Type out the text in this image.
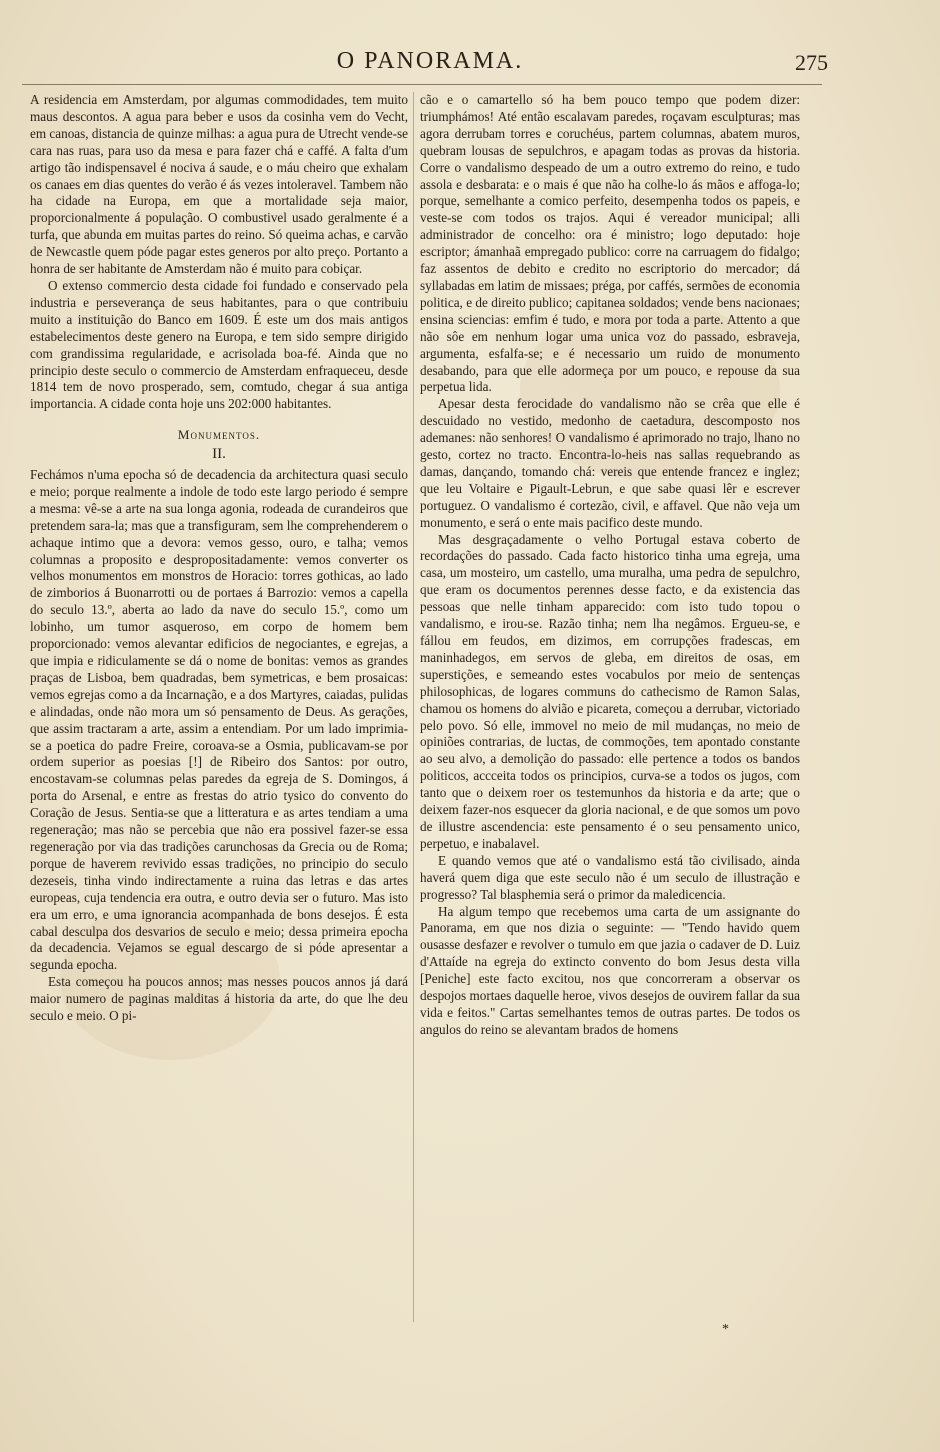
O PANORAMA.	275

A residencia em Amsterdam, por algumas commodidades, tem muito maus descontos. A agua para beber e usos da cosinha vem do Vecht, em canoas, distancia de quinze milhas: a agua pura de Utrecht vende-se cara nas ruas, para uso da mesa e para fazer chá e caffé. A falta d'um artigo tão indispensavel é nociva á saude, e o máu cheiro que exhalam os canaes em dias quentes do verão é ás vezes intoleravel. Tambem não ha cidade na Europa, em que a mortalidade seja maior, proporcionalmente á população. O combustivel usado geralmente é a turfa, que abunda em muitas partes do reino. Só queima achas, e carvão de Newcastle quem póde pagar estes generos por alto preço. Portanto a honra de ser habitante de Amsterdam não é muito para cobiçar.

O extenso commercio desta cidade foi fundado e conservado pela industria e perseverança de seus habitantes, para o que contribuiu muito a instituição do Banco em 1609. É este um dos mais antigos estabelecimentos deste genero na Europa, e tem sido sempre dirigido com grandissima regularidade, e acrisolada boa-fé. Ainda que no principio deste seculo o commercio de Amsterdam enfraqueceu, desde 1814 tem de novo prosperado, sem, comtudo, chegar á sua antiga importancia. A cidade conta hoje uns 202:000 habitantes.

Monumentos.
II.

Fechámos n'uma epocha só de decadencia da architectura quasi seculo e meio; porque realmente a indole de todo este largo periodo é sempre a mesma: vê-se a arte na sua longa agonia, rodeada de curandeiros que pretendem sara-la; mas que a transfiguram, sem lhe comprehenderem o achaque intimo que a devora: vemos gesso, ouro, e talha; vemos columnas a proposito e despropositadamente: vemos converter os velhos monumentos em monstros de Horacio: torres gothicas, ao lado de zimborios á Buonarrotti ou de portaes á Barrozio: vemos a capella do seculo 13.º, aberta ao lado da nave do seculo 15.º, como um lobinho, um tumor asqueroso, em corpo de homem bem proporcionado: vemos alevantar edificios de negociantes, e egrejas, a que impia e ridiculamente se dá o nome de bonitas: vemos as grandes praças de Lisboa, bem quadradas, bem symetricas, e bem prosaicas: vemos egrejas como a da Incarnação, e a dos Martyres, caiadas, pulidas e alindadas, onde não mora um só pensamento de Deus. As gerações, que assim tractaram a arte, assim a entendiam. Por um lado imprimia-se a poetica do padre Freire, coroava-se a Osmia, publicavam-se por ordem superior as poesias [!] de Ribeiro dos Santos: por outro, encostavam-se columnas pelas paredes da egreja de S. Domingos, á porta do Arsenal, e entre as frestas do atrio tysico do convento do Coração de Jesus. Sentia-se que a litteratura e as artes tendiam a uma regeneração; mas não se percebia que não era possivel fazer-se essa regeneração por via das tradições carunchosas da Grecia ou de Roma; porque de haverem revivido essas tradições, no principio do seculo dezeseis, tinha vindo indirectamente a ruina das letras e das artes europeas, cuja tendencia era outra, e outro devia ser o futuro. Mas isto era um erro, e uma ignorancia acompanhada de bons desejos. É esta cabal desculpa dos desvarios de seculo e meio; dessa primeira epocha da decadencia. Vejamos se egual descargo de si póde apresentar a segunda epocha.

Esta começou ha poucos annos; mas nesses poucos annos já dará maior numero de paginas malditas á historia da arte, do que lhe deu seculo e meio. O pi-

cão e o camartello só ha bem pouco tempo que podem dizer: triumphámos! Até então escalavam paredes, roçavam esculpturas; mas agora derrubam torres e coruchéus, partem columnas, abatem muros, quebram lousas de sepulchros, e apagam todas as provas da historia. Corre o vandalismo despeado de um a outro extremo do reino, e tudo assola e desbarata: e o mais é que não ha colhe-lo ás mãos e affoga-lo; porque, semelhante a comico perfeito, desempenha todos os papeis, e veste-se com todos os trajos. Aqui é vereador municipal; alli administrador de concelho: ora é ministro; logo deputado: hoje escriptor; ámanhaã empregado publico: corre na carruagem do fidalgo; faz assentos de debito e credito no escriptorio do mercador; dá syllabadas em latim de missaes; préga, por caffés, sermões de economia politica, e de direito publico; capitanea soldados; vende bens nacionaes; ensina sciencias: emfim é tudo, e mora por toda a parte. Attento a que não sôe em nenhum logar uma unica voz do passado, esbraveja, argumenta, esfalfa-se; e é necessario um ruido de monumento desabando, para que elle adormeça por um pouco, e repouse da sua perpetua lida.

Apesar desta ferocidade do vandalismo não se crêa que elle é descuidado no vestido, medonho de caetadura, descomposto nos ademanes: não senhores! O vandalismo é aprimorado no trajo, lhano no gesto, cortez no tracto. Encontra-lo-heis nas sallas requebrando as damas, dançando, tomando chá: vereis que entende francez e inglez; que leu Voltaire e Pigault-Lebrun, e que sabe quasi lêr e escrever portuguez. O vandalismo é cortezão, civil, e affavel. Que não veja um monumento, e será o ente mais pacifico deste mundo.

Mas desgraçadamente o velho Portugal estava coberto de recordações do passado. Cada facto historico tinha uma egreja, uma casa, um mosteiro, um castello, uma muralha, uma pedra de sepulchro, que eram os documentos perennes desse facto, e da existencia das pessoas que nelle tinham apparecido: com isto tudo topou o vandalismo, e irou-se. Razão tinha; nem lha negâmos. Ergueu-se, e fállou em feudos, em dizimos, em corrupções fradescas, em maninhadegos, em servos de gleba, em direitos de osas, em superstições, e semeando estes vocabulos por meio de sentenças philosophicas, de logares communs do cathecismo de Ramon Salas, chamou os homens do alvião e picareta, começou a derrubar, victoriado pelo povo. Só elle, immovel no meio de mil mudanças, no meio de opiniões contrarias, de luctas, de commoções, tem apontado constante ao seu alvo, a demolição do passado: elle pertence a todos os bandos politicos, accceita todos os principios, curva-se a todos os jugos, com tanto que o deixem roer os testemunhos da historia e da arte; que o deixem fazer-nos esquecer da gloria nacional, e de que somos um povo de illustre ascendencia: este pensamento é o seu pensamento unico, perpetuo, e inabalavel.

E quando vemos que até o vandalismo está tão civilisado, ainda haverá quem diga que este seculo não é um seculo de illustração e progresso? Tal blasphemia será o primor da maledicencia.

Ha algum tempo que recebemos uma carta de um assignante do Panorama, em que nos dizia o seguinte: — "Tendo havido quem ousasse desfazer e revolver o tumulo em que jazia o cadaver de D. Luiz d'Attaíde na egreja do extincto convento do bom Jesus desta villa [Peniche] este facto excitou, nos que concorreram a observar os despojos mortaes daquelle heroe, vivos desejos de ouvirem fallar da sua vida e feitos." Cartas semelhantes temos de outras partes. De todos os angulos do reino se alevantam brados de homens

*
